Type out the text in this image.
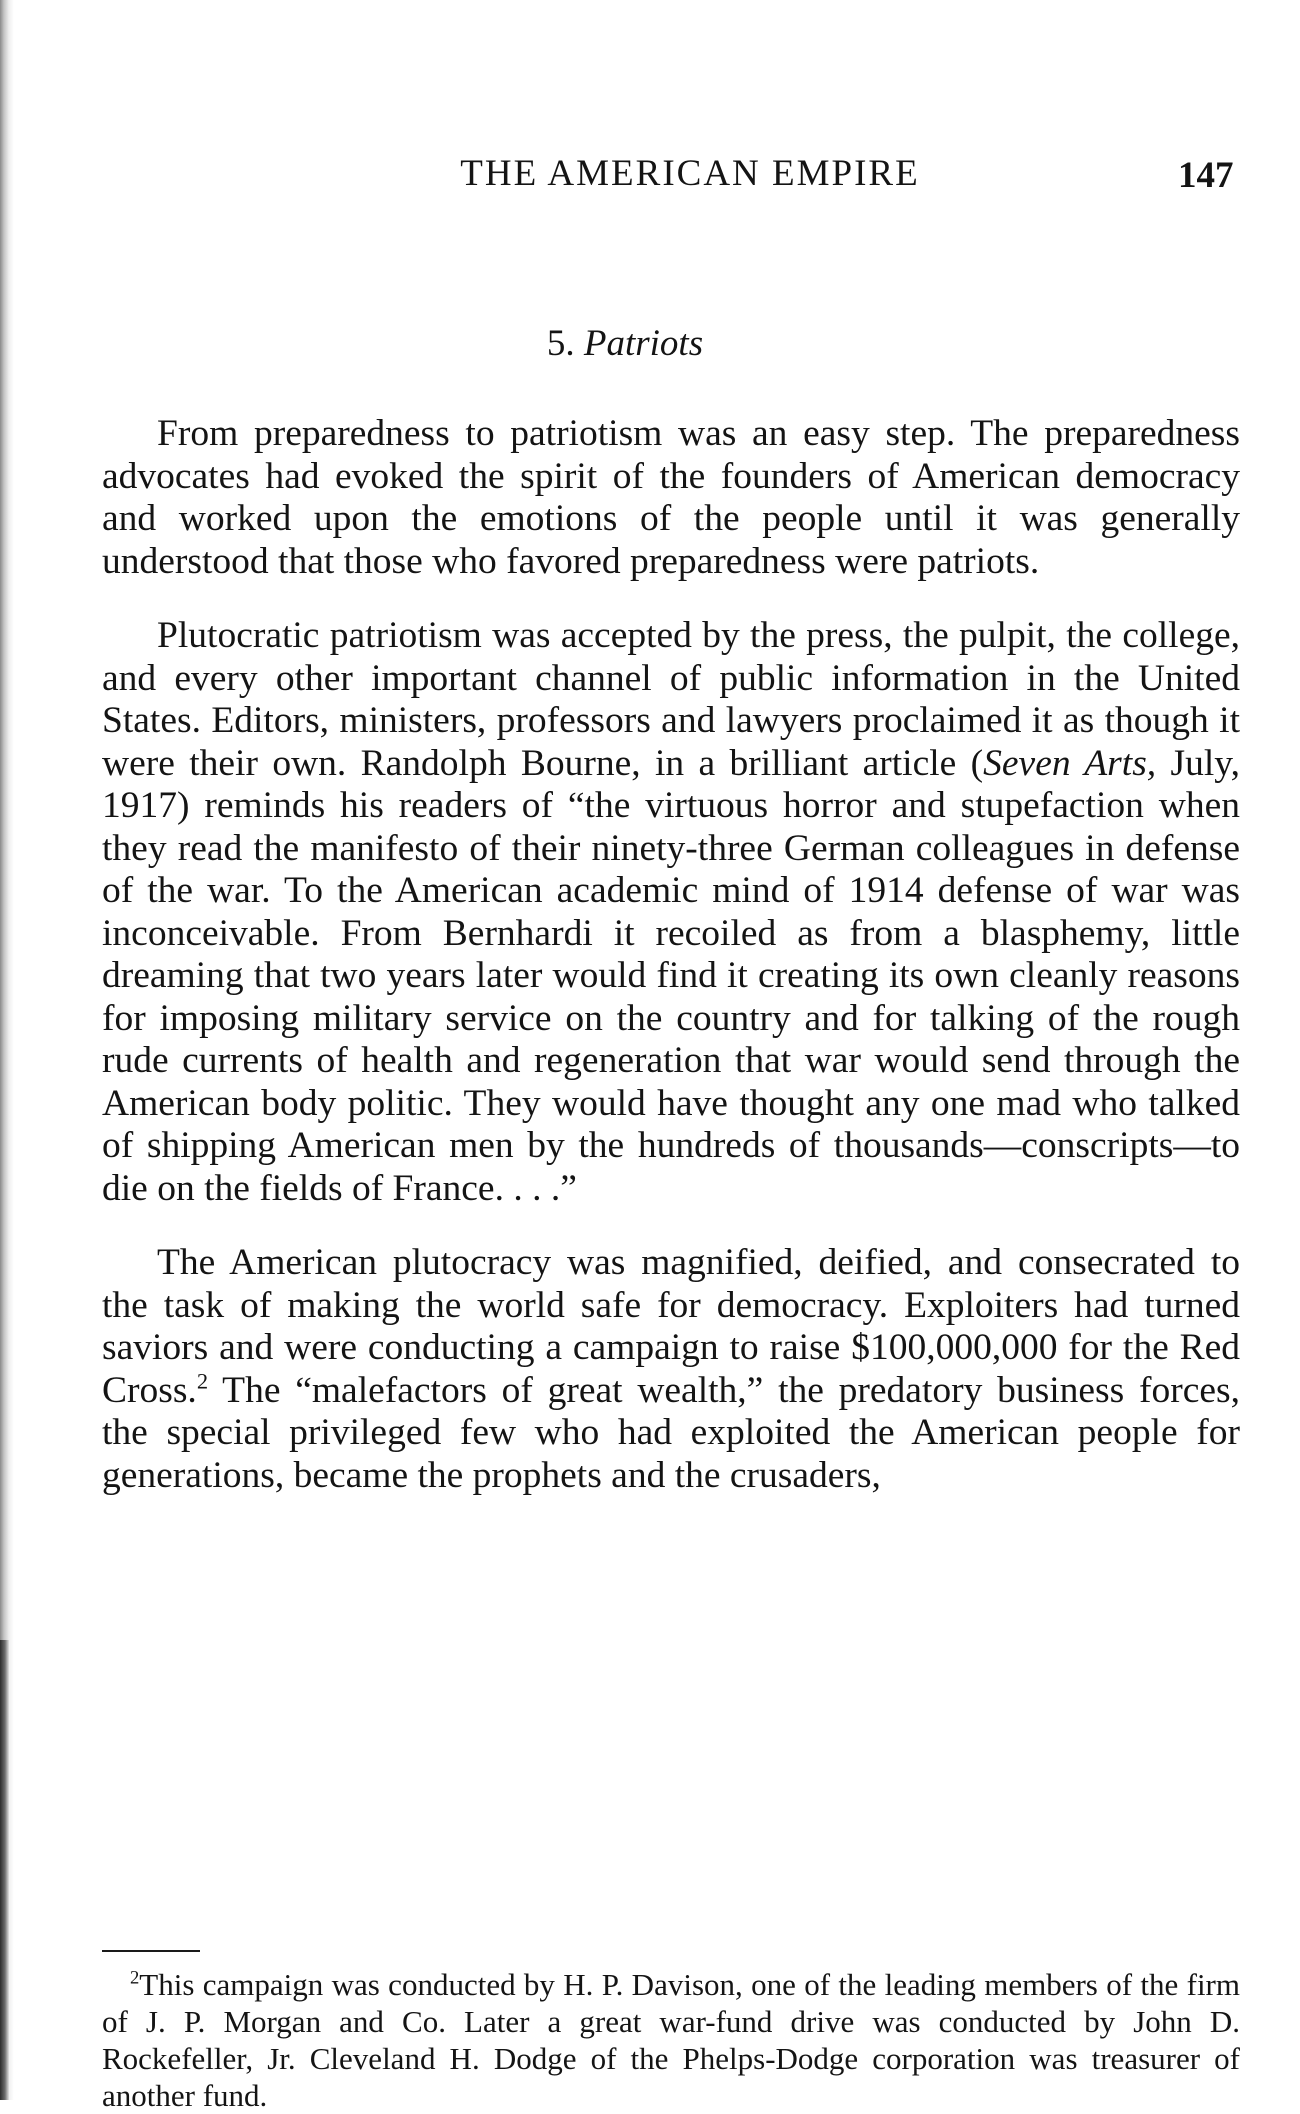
THE AMERICAN EMPIRE	147
5. Patriots

From preparedness to patriotism was an easy step. The preparedness advocates had evoked the spirit of the founders of American democracy and worked upon the emotions of the people until it was generally understood that those who favored preparedness were patriots.

Plutocratic patriotism was accepted by the press, the pulpit, the college, and every other important channel of public information in the United States. Editors, ministers, professors and lawyers proclaimed it as though it were their own. Randolph Bourne, in a brilliant article (Seven Arts, July, 1917) reminds his readers of “the virtuous horror and stupefaction when they read the manifesto of their ninety-three German colleagues in defense of the war. To the American academic mind of 1914 defense of war was inconceivable. From Bernhardi it recoiled as from a blasphemy, little dreaming that two years later would find it creating its own cleanly reasons for imposing military service on the country and for talking of the rough rude currents of health and regeneration that war would send through the American body politic. They would have thought any one mad who talked of shipping American men by the hundreds of thousands—conscripts—to die on the fields of France. . . .”

The American plutocracy was magnified, deified, and consecrated to the task of making the world safe for democracy. Exploiters had turned saviors and were conducting a campaign to raise $100,000,000 for the Red Cross.$^2$ The “malefactors of great wealth,” the predatory business forces, the special privileged few who had exploited the American people for generations, became the prophets and the crusaders,

$^2$This campaign was conducted by H. P. Davison, one of the leading members of the firm of J. P. Morgan and Co. Later a great war-fund drive was conducted by John D. Rockefeller, Jr. Cleveland H. Dodge of the Phelps-Dodge corporation was treasurer of another fund.
